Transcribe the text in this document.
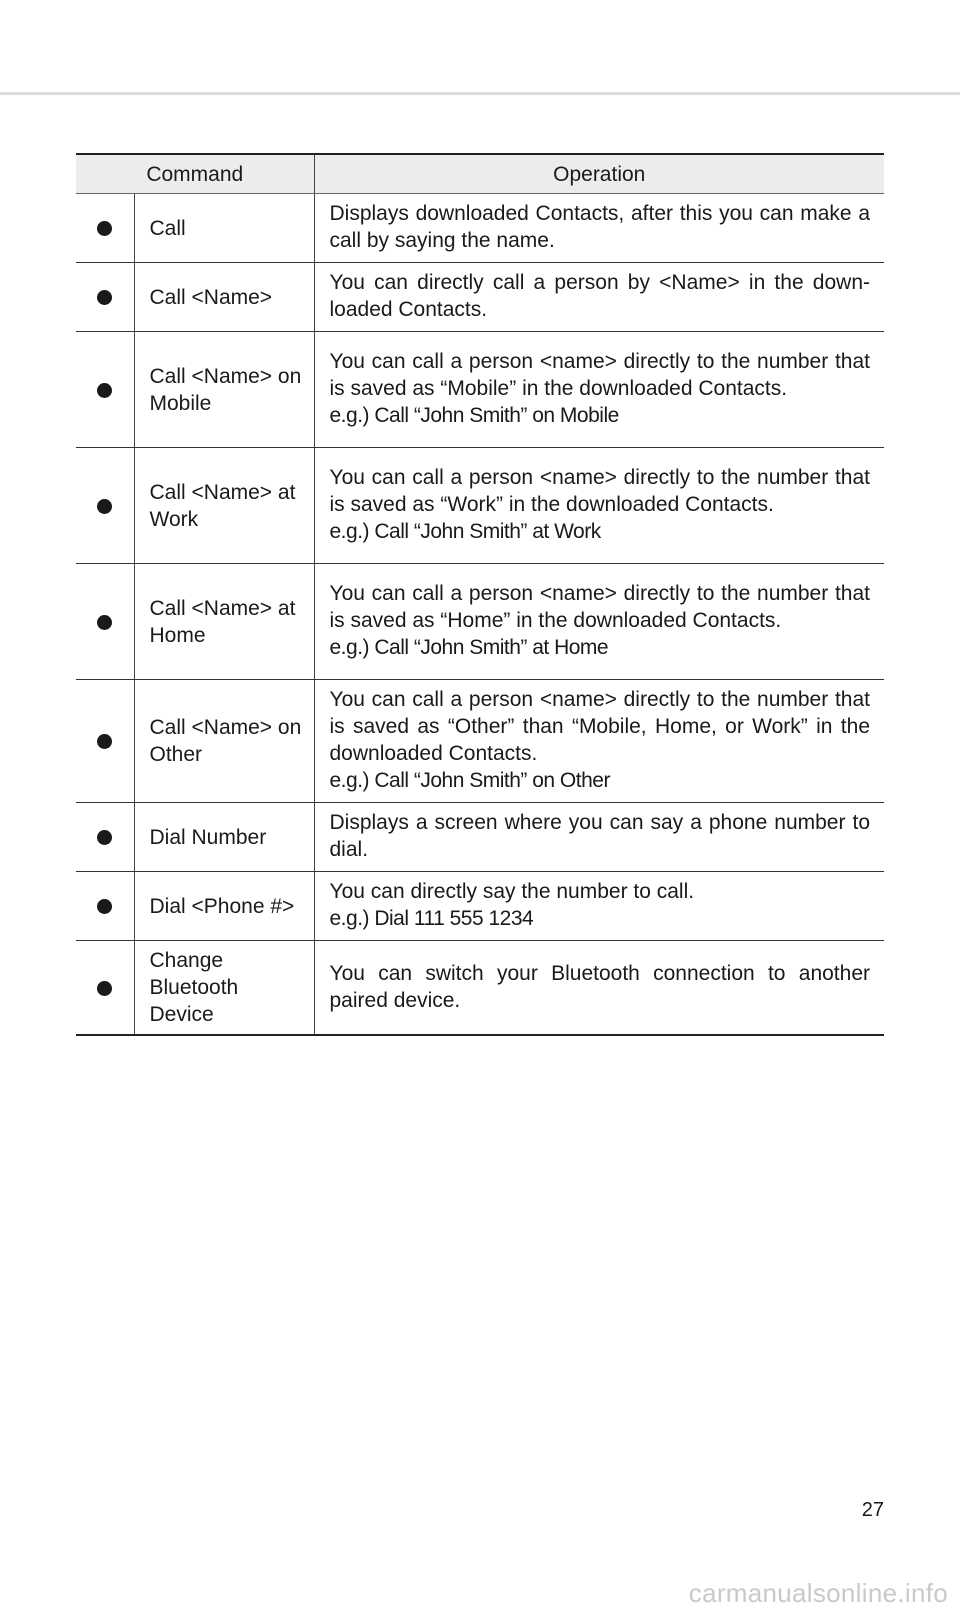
Command		Operation
	Call	Displays downloaded Contacts, after this you can make a call by saying the name.

	Call <Name>	You can directly call a person by <Name> in the down-loaded Contacts.

	Call <Name> on Mobile	You can call a person <name> directly to the number that is saved as “Mobile” in the downloaded Contacts.
e.g.) Call “John Smith” on Mobile

	Call <Name> at Work	You can call a person <name> directly to the number that is saved as “Work” in the downloaded Contacts.
e.g.) Call “John Smith” at Work

	Call <Name> at Home	You can call a person <name> directly to the number that is saved as “Home” in the downloaded Contacts.
e.g.) Call “John Smith” at Home

	Call <Name> on Other	You can call a person <name> directly to the number that is saved as “Other” than “Mobile, Home, or Work” in the downloaded Contacts.
e.g.) Call “John Smith” on Other

	Dial Number	Displays a screen where you can say a phone number to dial.

	Dial <Phone #>	You can directly say the number to call.
e.g.) Dial 111 555 1234

	Change Bluetooth Device	You can switch your Bluetooth connection to another paired device.
27
carmanualsonline.info
